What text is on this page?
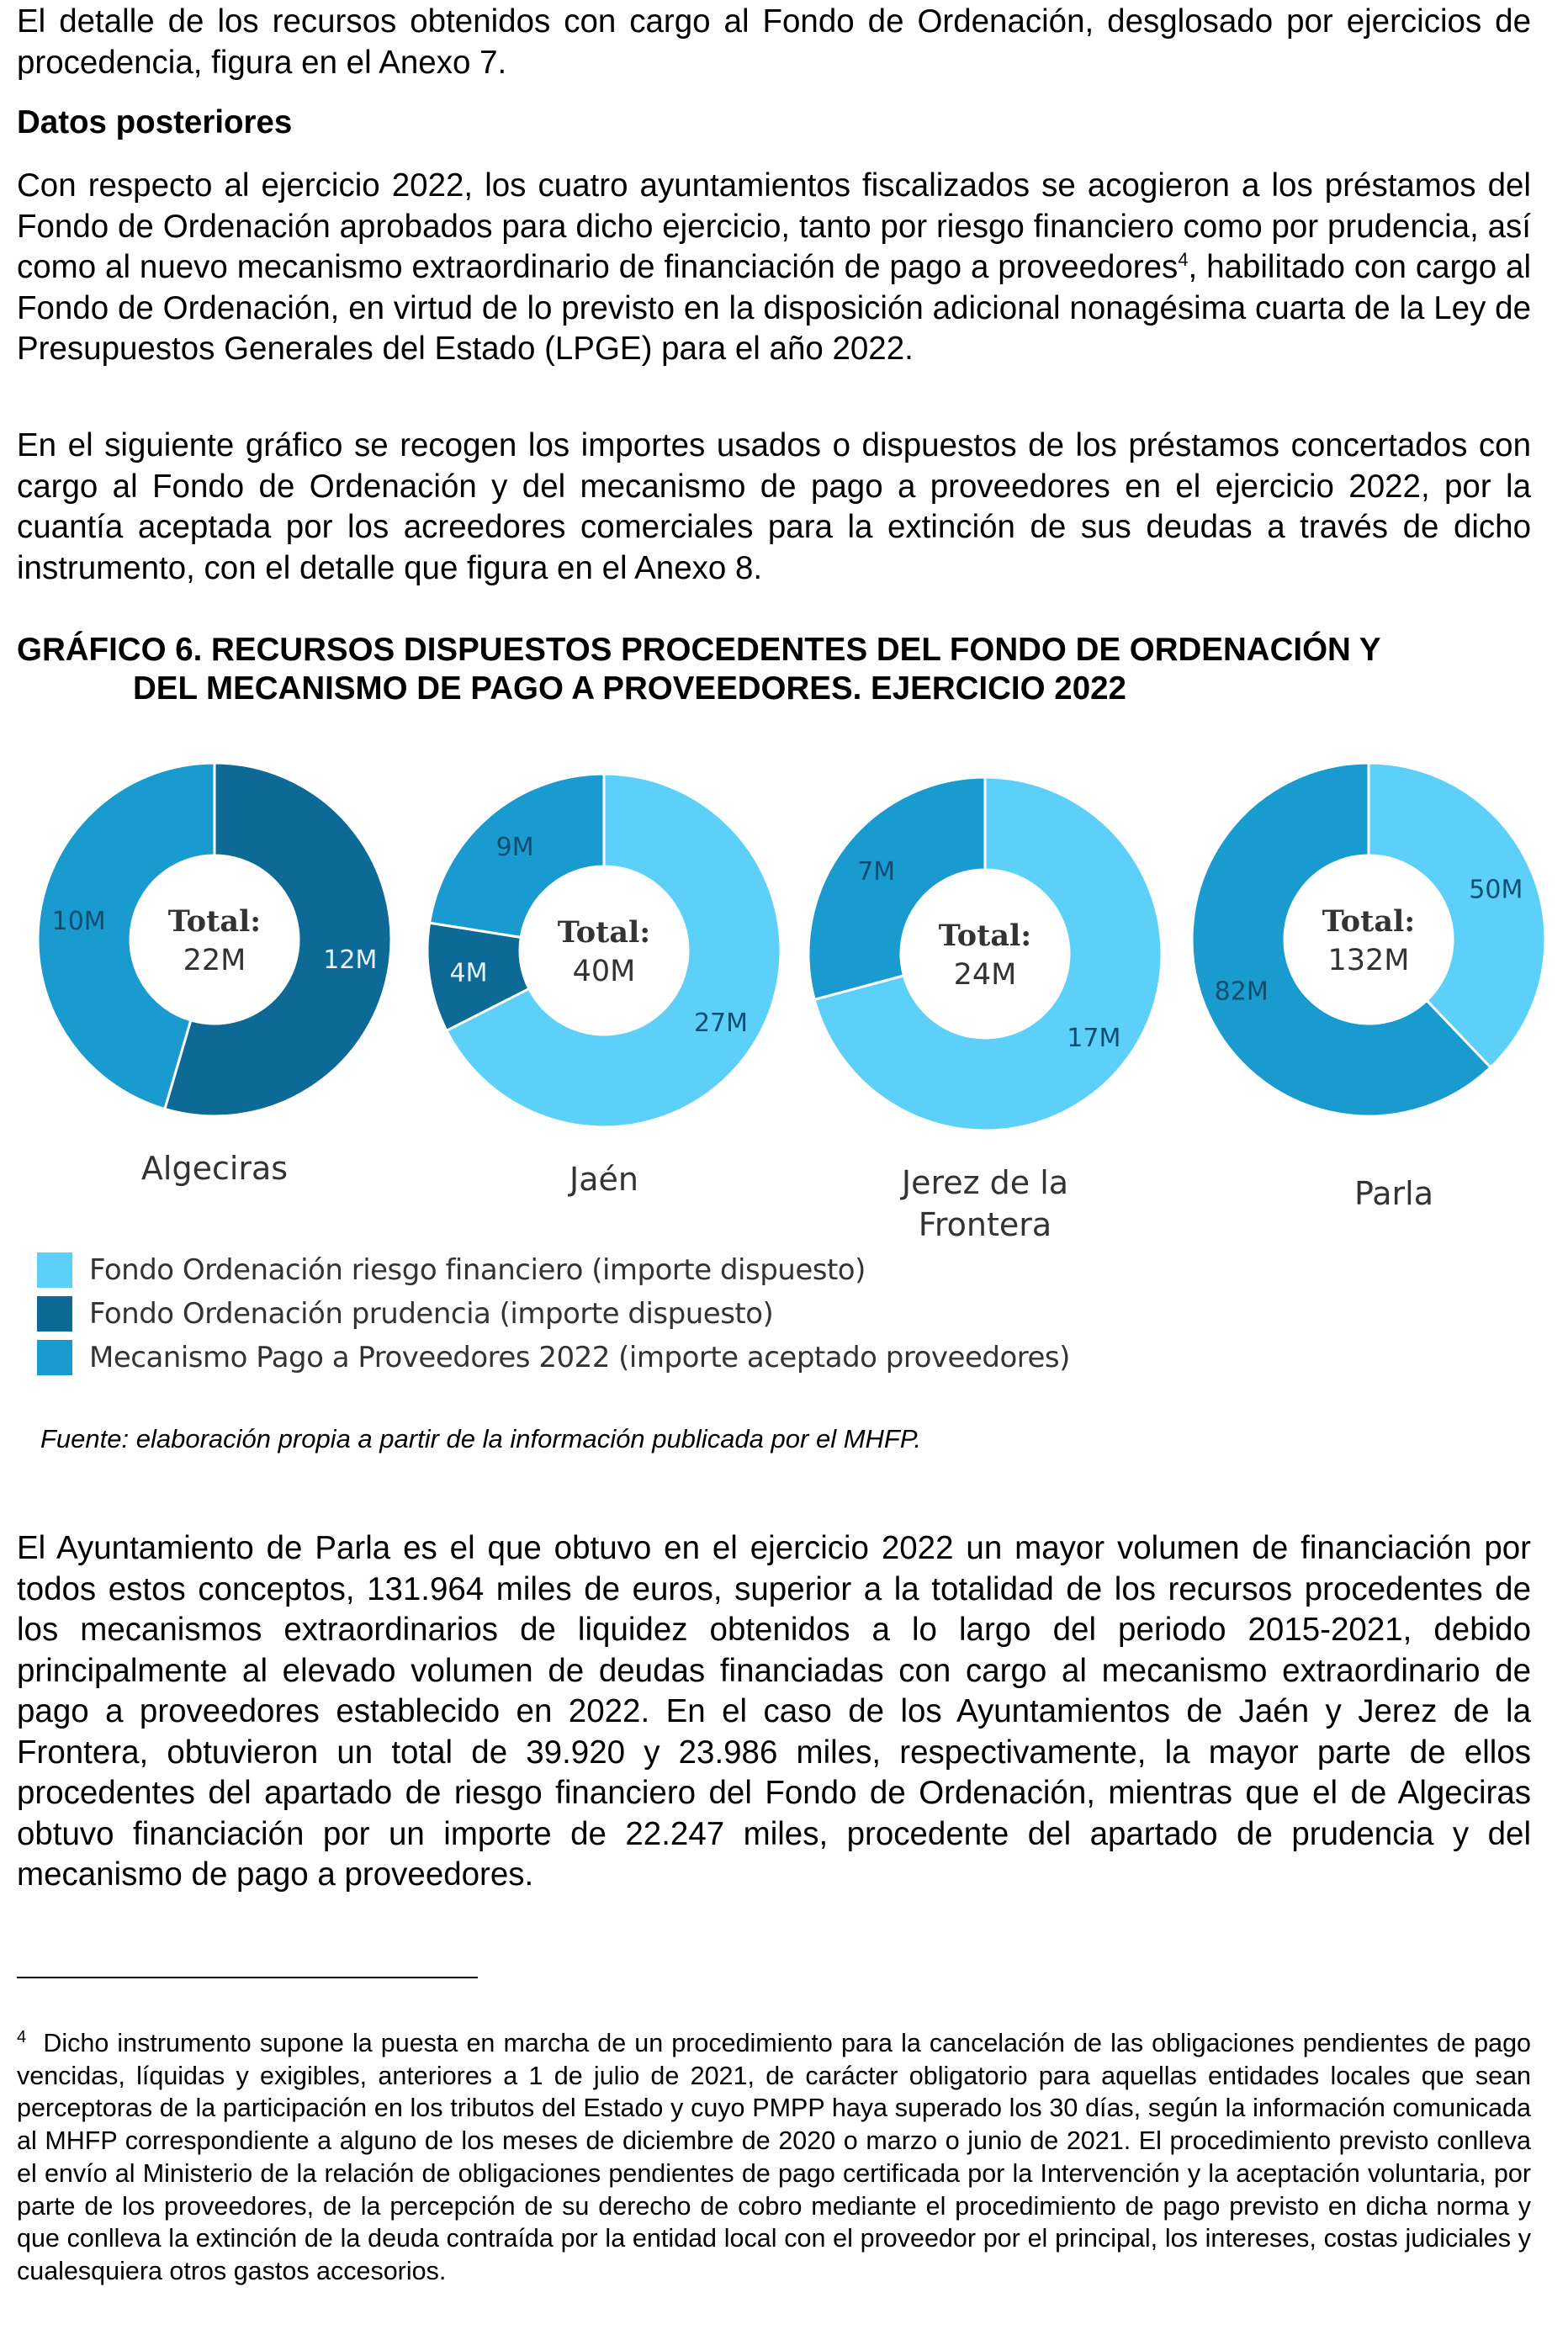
El detalle de los recursos obtenidos con cargo al Fondo de Ordenación, desglosado por ejercicios de procedencia, figura en el Anexo 7.

Datos posteriores

Con respecto al ejercicio 2022, los cuatro ayuntamientos fiscalizados se acogieron a los préstamos del Fondo de Ordenación aprobados para dicho ejercicio, tanto por riesgo financiero como por prudencia, así como al nuevo mecanismo extraordinario de financiación de pago a proveedores$^4$, habilitado con cargo al Fondo de Ordenación, en virtud de lo previsto en la disposición adicional nonagésima cuarta de la Ley de Presupuestos Generales del Estado (LPGE) para el año 2022.

En el siguiente gráfico se recogen los importes usados o dispuestos de los préstamos concertados con cargo al Fondo de Ordenación y del mecanismo de pago a proveedores en el ejercicio 2022, por la cuantía aceptada por los acreedores comerciales para la extinción de sus deudas a través de dicho instrumento, con el detalle que figura en el Anexo 8.

GRÁFICO 6. RECURSOS DISPUESTOS PROCEDENTES DEL FONDO DE ORDENACIÓN Y
DEL MECANISMO DE PAGO A PROVEEDORES. EJERCICIO 2022

Fuente: elaboración propia a partir de la información publicada por el MHFP.

El Ayuntamiento de Parla es el que obtuvo en el ejercicio 2022 un mayor volumen de financiación por todos estos conceptos, 131.964 miles de euros, superior a la totalidad de los recursos procedentes de los mecanismos extraordinarios de liquidez obtenidos a lo largo del periodo 2015-2021, debido principalmente al elevado volumen de deudas financiadas con cargo al mecanismo extraordinario de pago a proveedores establecido en 2022. En el caso de los Ayuntamientos de Jaén y Jerez de la Frontera, obtuvieron un total de 39.920 y 23.986 miles, respectivamente, la mayor parte de ellos procedentes del apartado de riesgo financiero del Fondo de Ordenación, mientras que el de Algeciras obtuvo financiación por un importe de 22.247 miles, procedente del apartado de prudencia y del mecanismo de pago a proveedores.

$^4$ Dicho instrumento supone la puesta en marcha de un procedimiento para la cancelación de las obligaciones pendientes de pago vencidas, líquidas y exigibles, anteriores a 1 de julio de 2021, de carácter obligatorio para aquellas entidades locales que sean perceptoras de la participación en los tributos del Estado y cuyo PMPP haya superado los 30 días, según la información comunicada al MHFP correspondiente a alguno de los meses de diciembre de 2020 o marzo o junio de 2021. El procedimiento previsto conlleva el envío al Ministerio de la relación de obligaciones pendientes de pago certificada por la Intervención y la aceptación voluntaria, por parte de los proveedores, de la percepción de su derecho de cobro mediante el procedimiento de pago previsto en dicha norma y que conlleva la extinción de la deuda contraída por la entidad local con el proveedor por el principal, los intereses, costas judiciales y cualesquiera otros gastos accesorios.

12M
10M Total:
22M
Algeciras
27M
4M
9M
Total:
40M
Jaén
17M
7M
Total:
24M
Jerez de la
Frontera
50M
82M
Total:
132M
Parla
Fondo Ordenación riesgo financiero (importe dispuesto)
Fondo Ordenación prudencia (importe dispuesto)
Mecanismo Pago a Proveedores 2022 (importe aceptado proveedores)
